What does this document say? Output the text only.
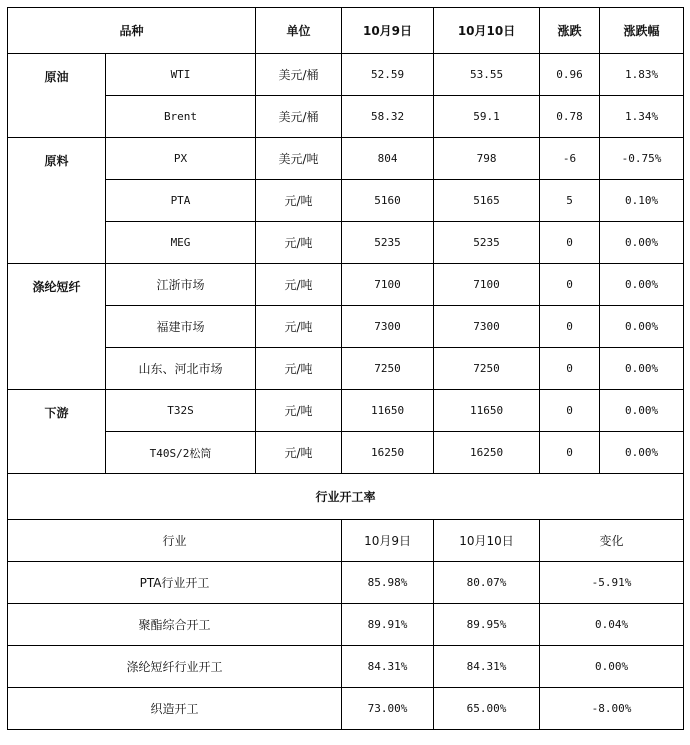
品种		单位	10月9日	10月10日	涨跌	涨跌幅
原油	WTI	美元/桶	52.59	53.55	0.96	1.83%
	Brent	美元/桶	58.32	59.1	0.78	1.34%
原料	PX	美元/吨	804	798	-6	-0.75%
	PTA	元/吨	5160	5165	5	0.10%
	MEG	元/吨	5235	5235	0	0.00%
涤纶短纤	江浙市场	元/吨	7100	7100	0	0.00%
	福建市场	元/吨	7300	7300	0	0.00%
	山东、河北市场	元/吨	7250	7250	0	0.00%
下游	T32S	元/吨	11650	11650	0	0.00%
	T40S/2松筒	元/吨	16250	16250	0	0.00%
行业开工率						
行业			10月9日	10月10日	变化	
PTA行业开工			85.98%	80.07%	-5.91%	
聚酯综合开工			89.91%	89.95%	0.04%	
涤纶短纤行业开工			84.31%	84.31%	0.00%	
织造开工			73.00%	65.00%	-8.00%	
